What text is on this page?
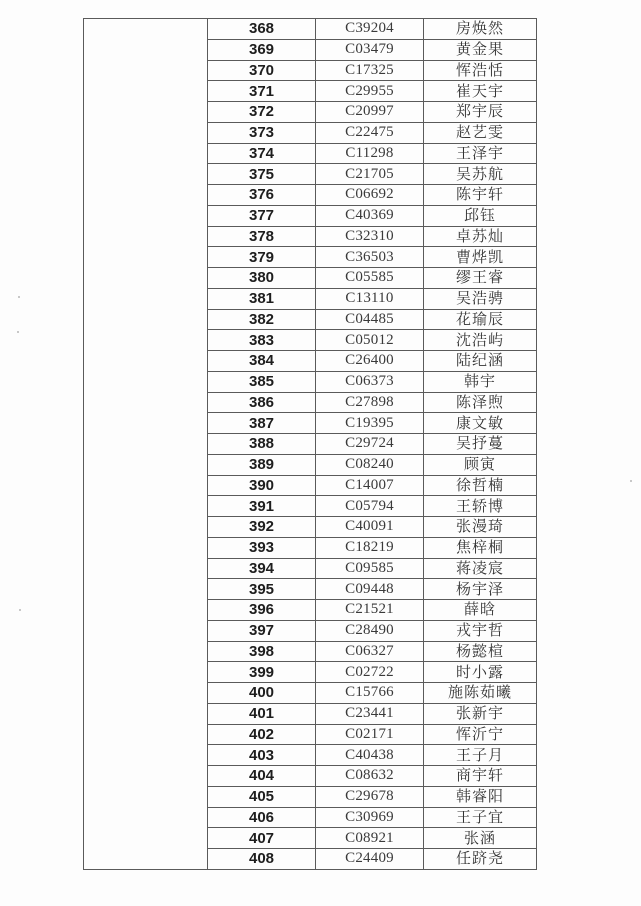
	368	C39204	房焕然
	369	C03479	黄金果
	370	C17325	恽浩恬
	371	C29955	崔天宇
	372	C20997	郑宇辰
	373	C22475	赵艺雯
	374	C11298	王泽宇
	375	C21705	吴苏航
	376	C06692	陈宇轩
	377	C40369	邱钰
	378	C32310	卓苏灿
	379	C36503	曹烨凯
	380	C05585	缪王睿
	381	C13110	吴浩骋
	382	C04485	花瑜辰
	383	C05012	沈浩屿
	384	C26400	陆纪涵
	385	C06373	韩宇
	386	C27898	陈泽煦
	387	C19395	康文敏
	388	C29724	吴抒蔓
	389	C08240	顾寅
	390	C14007	徐哲楠
	391	C05794	王轿博
	392	C40091	张漫琦
	393	C18219	焦梓桐
	394	C09585	蒋凌宸
	395	C09448	杨宇泽
	396	C21521	薛晗
	397	C28490	戎宇哲
	398	C06327	杨懿楦
	399	C02722	时小露
	400	C15766	施陈茹曦
	401	C23441	张新宇
	402	C02171	恽沂宁
	403	C40438	王子月
	404	C08632	商宇轩
	405	C29678	韩睿阳
	406	C30969	王子宜
	407	C08921	张涵
	408	C24409	任跻尧
